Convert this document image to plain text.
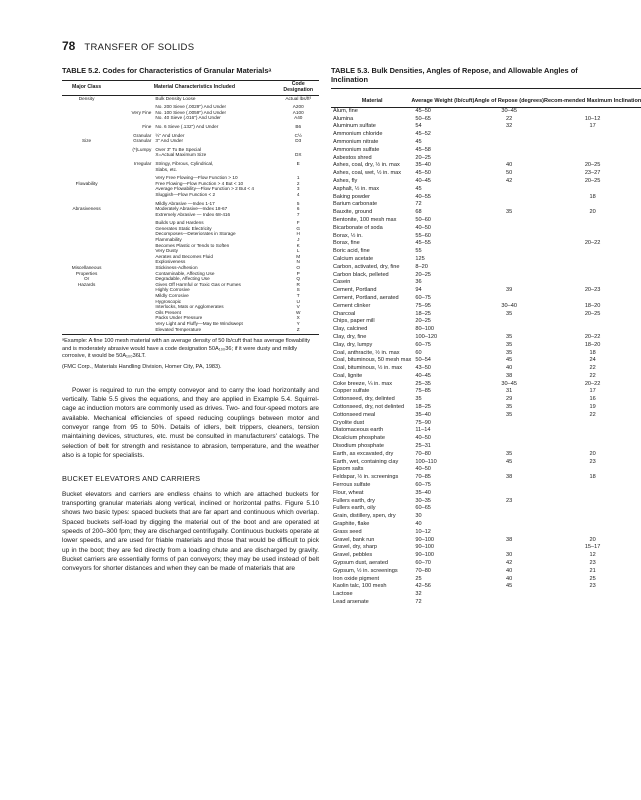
78 TRANSFER OF SOLIDS
TABLE 5.2. Codes for Characteristics of Granular Materialsᵃ
Major Class	Material Characteristics Included		Code Designation
Density		Bulk Density Loose	Actual lbs/ft³

		No. 200 Sieve (.0029") And Under	A200
	Very Fine	No. 100 Sieve (.0059") And Under	A100
		No. 40 Sieve (.016") And Under	A40

	Fine	No. 6 Sieve (.132") And Under	B6

	Granular	½" And Under	C½
Size	Granular	3" And Under	D3

	(*)Lumpy	Over 3" To Be Special	
		X=Actual Maximum Size	DX

	Irregular	Stringy, Fibrous, Cylindrical,	E
		Slabs, etc.	

		Very Free Flowing—Flow Function > 10	1
Flowability		Free Flowing—Flow Function > 4 But < 10	2
		Average Flowability—Flow Function > 2 But < 4	3
		Sluggish—Flow Function < 2	4

		Mildly Abrasive —Index 1-17	5
Abrasiveness		Moderately Abrasive—Index 18-67	6
		Extremely Abrasive — Index 68-416	7

		Builds Up and Hardens	F
		Generates Static Electricity	G
		Decomposes—Deteriorates in Storage	H
		Flammability	J
		Becomes Plastic or Tends to Soften	K
		Very Dusty	L
		Aerates and Becomes Fluid	M
		Explosiveness	N
Miscellaneous		Stickiness-Adhesion	O
Properties		Contaminable, Affecting Use	P
Or		Degradable, Affecting Use	Q
Hazards		Gives Off Harmful or Toxic Gas or Fumes	R
		Highly Corrosive	S
		Mildly Corrosive	T
		Hygroscopic	U
		Interlocks, Mats or Agglomerates	V
		Oils Present	W
		Packs Under Pressure	X
		Very Light and Fluffy—May Be Windswept	Y
		Elevated Temperature	Z

ᵃExample: A fine 100 mesh material with an average density of 50 lb/cuft that has average flowability and is moderately abrasive would have a code designation 50A₁₀₀36; if it were dusty and mildly corrosive, it would be 50A₁₀₀36LT.
(FMC Corp., Materials Handling Division, Homer City, PA, 1983).

Power is required to run the empty conveyor and to carry the load horizontally and vertically. Table 5.5 gives the equations, and they are applied in Example 5.4. Squirrel-cage ac induction motors are commonly used as drives. Two- and four-speed motors are available. Mechanical efficiencies of speed reducing couplings between motor and conveyor range from 95 to 50%. Details of idlers, belt trippers, cleaners, tension maintaining devices, structures, etc. must be consulted in manufacturers' catalogs. The selection of belt for strength and resistance to abrasion, temperature, and the weather also is a topic for specialists.

BUCKET ELEVATORS AND CARRIERS

Bucket elevators and carriers are endless chains to which are attached buckets for transporting granular materials along vertical, inclined or horizontal paths. Figure 5.10 shows two basic types: spaced buckets that are far apart and continuous which overlap. Spaced buckets self-load by digging the material out of the boot and are operated at speeds of 200–300 fpm; they are discharged centrifugally. Continuous buckets operate at lower speeds, and are used for friable materials and those that would be difficult to pick up in the boot; they are fed directly from a loading chute and are discharged by gravity. Bucket carriers are essentially forms of pan conveyors; they may be used instead of belt conveyors for shorter distances and when they can be made of materials that are

TABLE 5.3. Bulk Densities, Angles of Repose, and Allowable Angles of Inclination

Material	Average Weight (lb/cuft)	Angle of Repose (degrees)	Recom-mended Maximum Inclination
Alum, fine	45–50	30–45	
Alumina	50–65	22	10–12
Aluminum sulfate	54	32	17
Ammonium chloride	45–52		
Ammonium nitrate	45		
Ammonium sulfate	45–58		
Asbestos shred	20–25		
Ashes, coal, dry, ½ in. max	35–40	40	20–25
Ashes, coal, wet, ½ in. max	45–50	50	23–27
Ashes, fly	40–45	42	20–25
Asphalt, ½ in. max	45		
Baking powder	40–55		18
Barium carbonate	72		
Bauxite, ground	68	35	20
Bentonite, 100 mesh max	50–60		
Bicarbonate of soda	40–50		
Borax, ½ in.	55–60		
Borax, fine	45–55		20–22
Boric acid, fine	55		
Calcium acetate	125		
Carbon, activated, dry, fine	8–20		
Carbon black, pelleted	20–25		
Casein	36		
Cement, Portland	94	39	20–23
Cement, Portland, aerated	60–75		
Cement clinker	75–95	30–40	18–20
Charcoal	18–25	35	20–25
Chips, paper mill	20–25		
Clay, calcined	80–100		
Clay, dry, fine	100–120	35	20–22
Clay, dry, lumpy	60–75	35	18–20
Coal, anthracite, ½ in. max	60	35	18
Coal, bituminous, 50 mesh max	50–54	45	24
Coal, bituminous, ½ in. max	43–50	40	22
Coal, lignite	40–45	38	22
Coke breeze, ¼ in. max	25–35	30–45	20–22
Copper sulfate	75–85	31	17
Cottonseed, dry, delinted	35	29	16
Cottonseed, dry, not delinted	18–25	35	19
Cottonseed meal	35–40	35	22
Cryolite dust	75–90		
Diatomaceous earth	11–14		
Dicalcium phosphate	40–50		
Disodium phosphate	25–31		
Earth, as excavated, dry	70–80	35	20
Earth, wet, containing clay	100–110	45	23
Epsom salts	40–50		
Feldspar, ½ in. screenings	70–85	38	18
Ferrous sulfate	60–75		
Flour, wheat	35–40		
Fullers earth, dry	30–35	23	
Fullers earth, oily	60–65		
Grain, distillery, spen, dry	30		
Graphite, flake	40		
Grass seed	10–12		
Gravel, bank run	90–100	38	20
Gravel, dry, sharp	90–100		15–17
Gravel, pebbles	90–100	30	12
Gypsum dust, aerated	60–70	42	23
Gypsum, ½ in. screenings	70–80	40	21
Iron oxide pigment	25	40	25
Kaolin talc, 100 mesh	42–56	45	23
Lactose	32		
Lead arsenate	72		
